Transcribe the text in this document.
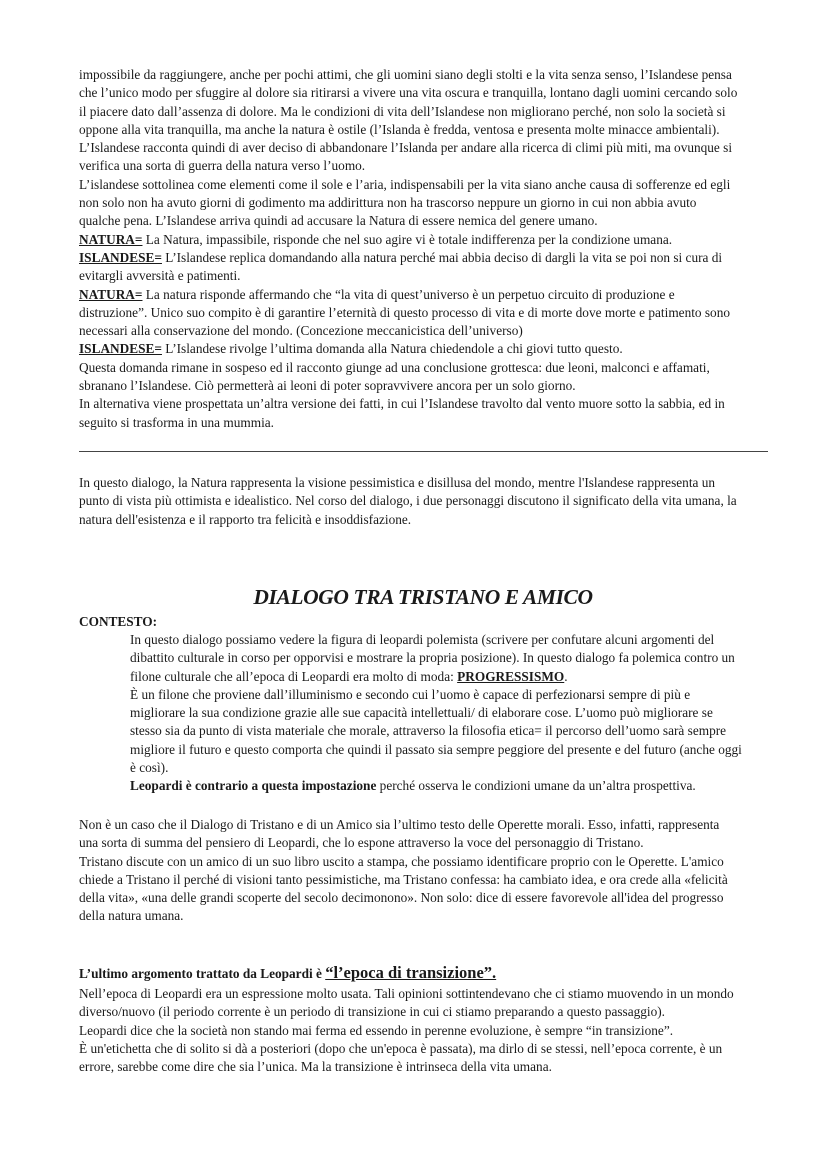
impossibile da raggiungere, anche per pochi attimi, che gli uomini siano degli stolti e la vita senza senso, l’Islandese pensa

che l’unico modo per sfuggire al dolore sia ritirarsi a vivere una vita oscura e tranquilla, lontano dagli uomini cercando solo

il piacere dato dall’assenza di dolore. Ma le condizioni di vita dell’Islandese non migliorano perché, non solo la società si

oppone alla vita tranquilla, ma anche la natura è ostile (l’Islanda è fredda, ventosa e presenta molte minacce ambientali).

L’Islandese racconta quindi di aver deciso di abbandonare l’Islanda per andare alla ricerca di climi più miti, ma ovunque si

verifica una sorta di guerra della natura verso l’uomo.

L’islandese sottolinea come elementi come il sole e l’aria, indispensabili per la vita siano anche causa di sofferenze ed egli

non solo non ha avuto giorni di godimento ma addirittura non ha trascorso neppure un giorno in cui non abbia avuto

qualche pena. L’Islandese arriva quindi ad accusare la Natura di essere nemica del genere umano.

NATURA= La Natura, impassibile, risponde che nel suo agire vi è totale indifferenza per la condizione umana.

ISLANDESE= L’Islandese replica domandando alla natura perché mai abbia deciso di dargli la vita se poi non si cura di

evitargli avversità e patimenti.

NATURA= La natura risponde affermando che “la vita di quest’universo è un perpetuo circuito di produzione e

distruzione”. Unico suo compito è di garantire l’eternità di questo processo di vita e di morte dove morte e patimento sono

necessari alla conservazione del mondo. (Concezione meccanicistica dell’universo)

ISLANDESE= L’Islandese rivolge l’ultima domanda alla Natura chiedendole a chi giovi tutto questo.

Questa domanda rimane in sospeso ed il racconto giunge ad una conclusione grottesca: due leoni, malconci e affamati,

sbranano l’Islandese. Ciò permetterà ai leoni di poter sopravvivere ancora per un solo giorno.

In alternativa viene prospettata un’altra versione dei fatti, in cui l’Islandese travolto dal vento muore sotto la sabbia, ed in

seguito si trasforma in una mummia.

In questo dialogo, la Natura rappresenta la visione pessimistica e disillusa del mondo, mentre l'Islandese rappresenta un

punto di vista più ottimista e idealistico. Nel corso del dialogo, i due personaggi discutono il significato della vita umana, la

natura dell'esistenza e il rapporto tra felicità e insoddisfazione.

DIALOGO TRA TRISTANO E AMICO
CONTESTO:

In questo dialogo possiamo vedere la figura di leopardi polemista (scrivere per confutare alcuni argomenti del

dibattito culturale in corso per opporvisi e mostrare la propria posizione). In questo dialogo fa polemica contro un

filone culturale che all’epoca di Leopardi era molto di moda: PROGRESSISMO.

È un filone che proviene dall’illuminismo e secondo cui l’uomo è capace di perfezionarsi sempre di più e

migliorare la sua condizione grazie alle sue capacità intellettuali/ di elaborare cose. L’uomo può migliorare se

stesso sia da punto di vista materiale che morale, attraverso la filosofia etica= il percorso dell’uomo sarà sempre

migliore il futuro e questo comporta che quindi il passato sia sempre peggiore del presente e del futuro (anche oggi

è così).

Leopardi è contrario a questa impostazione perché osserva le condizioni umane da un’altra prospettiva.

Non è un caso che il Dialogo di Tristano e di un Amico sia l’ultimo testo delle Operette morali. Esso, infatti, rappresenta

una sorta di summa del pensiero di Leopardi, che lo espone attraverso la voce del personaggio di Tristano.

Tristano discute con un amico di un suo libro uscito a stampa, che possiamo identificare proprio con le Operette. L'amico

chiede a Tristano il perché di visioni tanto pessimistiche, ma Tristano confessa: ha cambiato idea, e ora crede alla «felicità

della vita», «una delle grandi scoperte del secolo decimonono». Non solo: dice di essere favorevole all'idea del progresso

della natura umana.

L’ultimo argomento trattato da Leopardi è “l’epoca di transizione”.

Nell’epoca di Leopardi era un espressione molto usata. Tali opinioni sottintendevano che ci stiamo muovendo in un mondo

diverso/nuovo (il periodo corrente è un periodo di transizione in cui ci stiamo preparando a questo passaggio).

Leopardi dice che la società non stando mai ferma ed essendo in perenne evoluzione, è sempre “in transizione”.

È un'etichetta che di solito si dà a posteriori (dopo che un'epoca è passata), ma dirlo di se stessi, nell’epoca corrente, è un

errore, sarebbe come dire che sia l’unica. Ma la transizione è intrinseca della vita umana.
